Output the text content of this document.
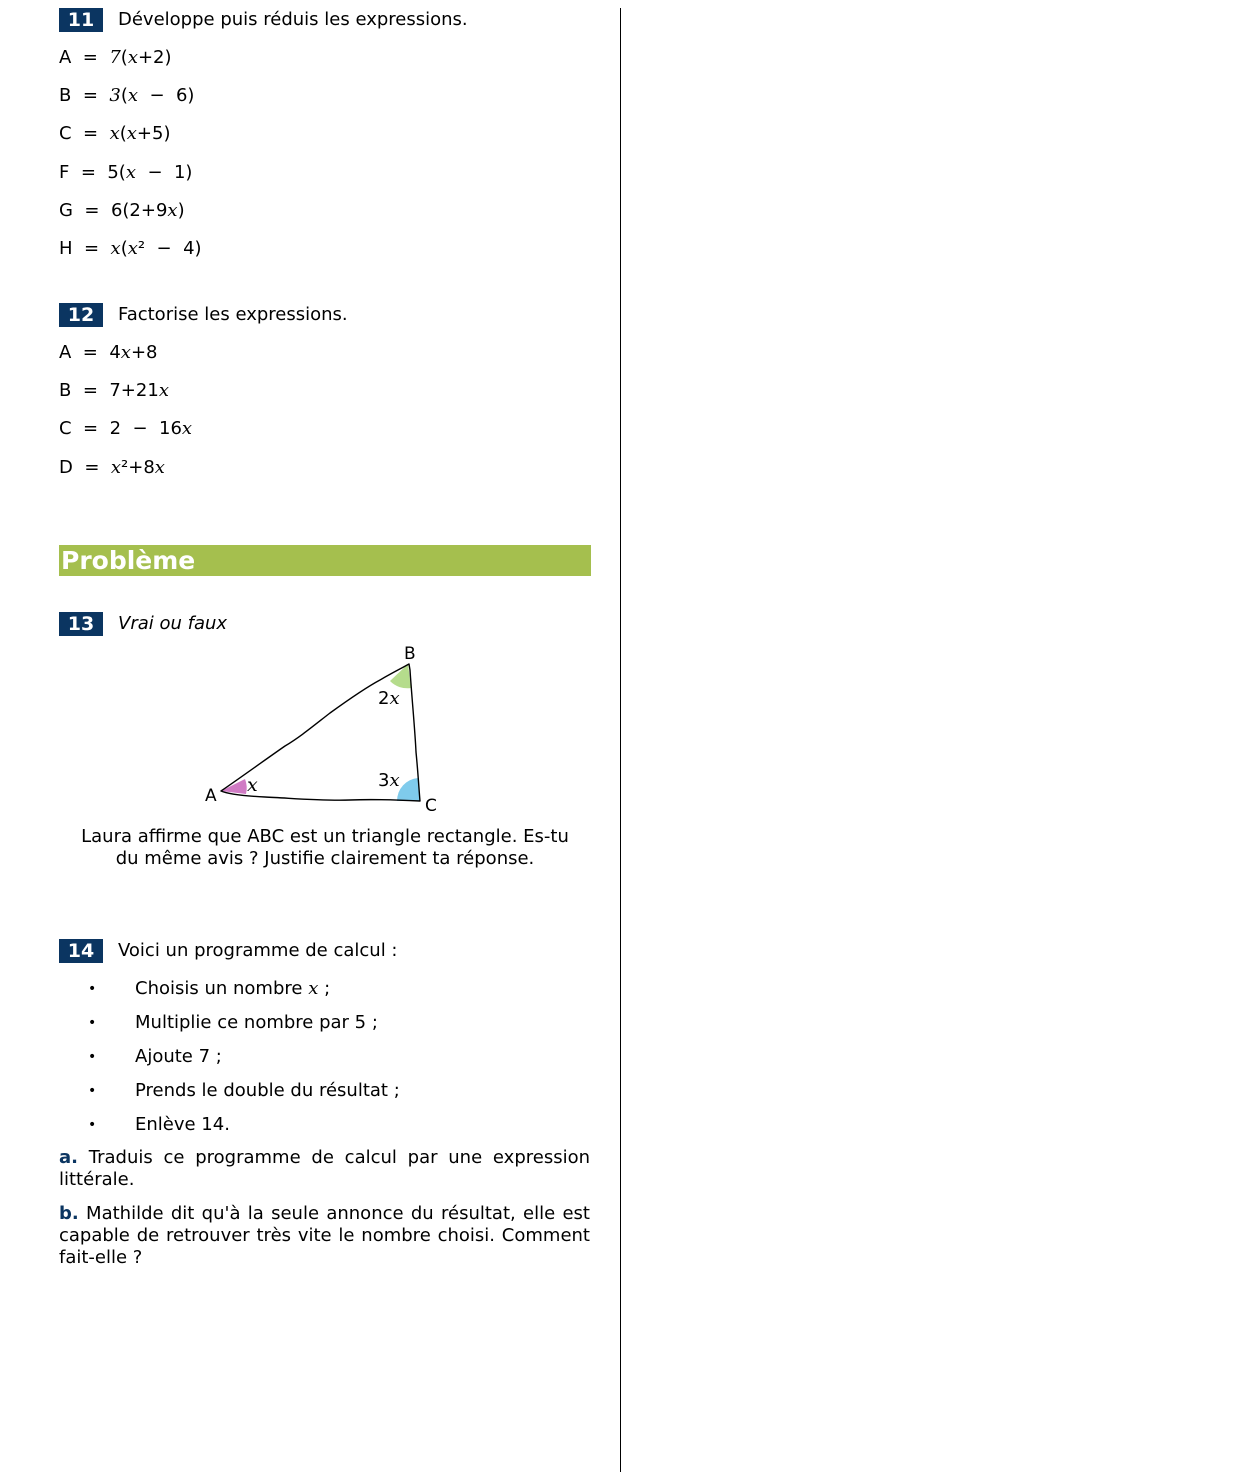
11	Développe puis réduis les expressions.
A = 7(x+2)
B = 3(x  −  6)
C = x(x+5)
F = 5(x  −  1)
G = 6(2+9x)
H = x(x²  −  4)
12	Factorise les expressions.
A = 4x+8
B = 7+21x
C = 2  −  16x
D = x²+8x
Problème
13	Vrai ou faux
A
B
C
x
2x
3x
Laura affirme que ABC est un triangle rectangle. Es-tu
du même avis ? Justifie clairement ta réponse.
14	Voici un programme de calcul :
• Choisis un nombre x ;
• Multiplie ce nombre par 5 ;
• Ajoute 7 ;
• Prends le double du résultat ;
• Enlève 14.
a. Traduis ce programme de calcul par une expression littérale.
b. Mathilde dit qu'à la seule annonce du résultat, elle est capable de retrouver très vite le nombre choisi. Comment fait-elle ?
